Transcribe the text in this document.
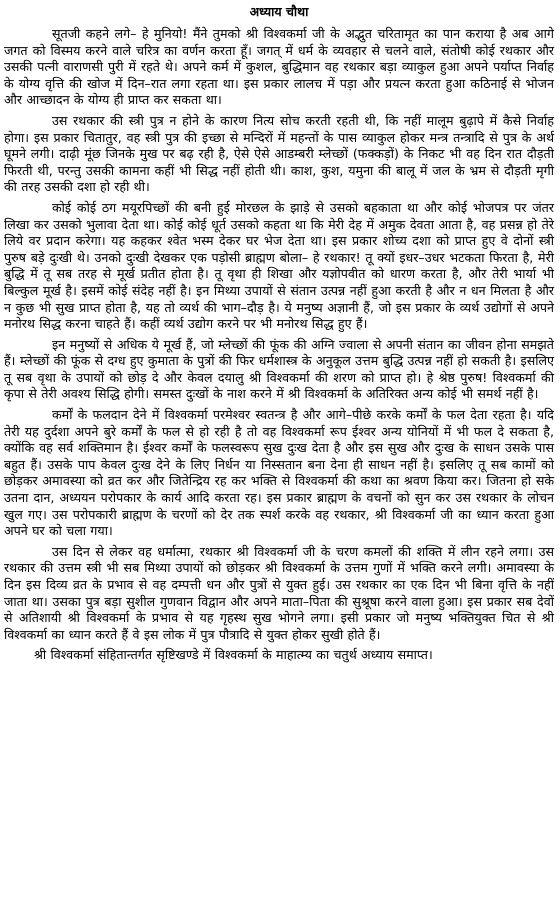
अध्याय चौथा

सूतजी कहने लगे– हे मुनियो! मैंने तुमको श्री विश्वकर्मा जी के अद्भुत चरितामृत का पान कराया है अब आगे जगत को विस्मय करने वाले चरित्र का वर्णन करता हूँ। जगत् में धर्म के व्यवहार से चलने वाले, संतोषी कोई रथकार और उसकी पत्नी वाराणसी पुरी में रहते थे। अपने कर्म में कुशल, बुद्धिमान वह रथकार बड़ा व्याकुल हुआ अपने पर्याप्त निर्वाह के योग्य वृत्ति की खोज में दिन–रात लगा रहता था। इस प्रकार लालच में पड़ा और प्रयत्न करता हुआ कठिनाई से भोजन और आच्छादन के योग्य ही प्राप्त कर सकता था।

उस रथकार की स्त्री पुत्र न होने के कारण नित्य सोच करती रहती थी, कि नहीं मालूम बुढ़ापे में कैसे निर्वाह होगा। इस प्रकार चितातुर, वह स्त्री पुत्र की इच्छा से मन्दिरों में महन्तों के पास व्याकुल होकर मन्त्र तन्त्रादि से पुत्र के अर्थ घूमने लगी। दाढ़ी मूंछ जिनके मुख पर बढ़ रही है, ऐसे ऐसे आडम्बरी म्लेच्छों (फक्कड़ों) के निकट भी वह दिन रात दौड़ती फिरती थी, परन्तु उसकी कामना कहीं भी सिद्ध नहीं होती थी। काश, कुश, यमुना की बालू में जल के भ्रम से दौड़ती मृगी की तरह उसकी दशा हो रही थी।

कोई कोई ठग मयूरपिच्छों की बनी हुई मोरछल के झाड़े से उसको बहकाता था और कोई भोजपत्र पर जंतर लिखा कर उसको भुलावा देता था। कोई कोई धूर्त उसको कहता था कि मेरी देह में अमुक देवता आता है, वह प्रसन्न हो तेरे लिये वर प्रदान करेगा। यह कहकर श्वेत भस्म देकर घर भेज देता था। इस प्रकार शोच्य दशा को प्राप्त हुए वे दोनों स्त्री पुरुष बड़े दुःखी थे। उनको दुःखी देखकर एक पड़ोसी ब्राह्मण बोला– हे रथकार! तू क्यों इधर–उधर भटकता फिरता है, मेरी बुद्धि में तू सब तरह से मूर्ख प्रतीत होता है। तू वृथा ही शिखा और यज्ञोपवीत को धारण करता है, और तेरी भार्या भी बिल्कुल मूर्ख है। इसमें कोई संदेह नहीं है। इन मिथ्या उपायों से संतान उत्पन्न नहीं हुआ करती है और न धन मिलता है और न कुछ भी सुख प्राप्त होता है, यह तो व्यर्थ की भाग–दौड़ है। ये मनुष्य अज्ञानी हैं, जो इस प्रकार के व्यर्थ उद्योगों से अपने मनोरथ सिद्ध करना चाहते हैं। कहीं व्यर्थ उद्योग करने पर भी मनोरथ सिद्ध हुए हैं।

इन मनुष्यों से अधिक ये मूर्ख हैं, जो म्लेच्छों की फूंक की अग्नि ज्वाला से अपनी संतान का जीवन होना समझते हैं। म्लेच्छों की फूंक से दग्ध हुए कुमाता के पुत्रों की फिर धर्मशास्त्र के अनुकूल उत्तम बुद्धि उत्पन्न नहीं हो सकती है। इसलिए तू सब वृथा के उपायों को छोड़ दे और केवल दयालु श्री विश्वकर्मा की शरण को प्राप्त हो। हे श्रेष्ठ पुरुष! विश्वकर्मा की कृपा से तेरी अवश्य सिद्धि होगी। समस्त दुःखों के नाश करने में श्री विश्वकर्मा के अतिरिक्त अन्य कोई भी समर्थ नहीं है।

कर्मों के फलदान देने में विश्वकर्मा परमेश्वर स्वतन्त्र है और आगे–पीछे करके कर्मों के फल देता रहता है। यदि तेरी यह दुर्दशा अपने बुरे कर्मों के फल से हो रही है तो वह विश्वकर्मा रूप ईश्वर अन्य योनियों में भी फल दे सकता है, क्योंकि वह सर्व शक्तिमान है। ईश्वर कर्मों के फलस्वरूप सुख दुःख देता है और इस सुख और दुःख के साधन उसके पास बहुत हैं। उसके पाप केवल दुःख देने के लिए निर्धन या निस्सतान बना देना ही साधन नहीं है। इसलिए तू सब कामों को छोड़कर अमावस्या को व्रत कर और जितेन्द्रिय रह कर भक्ति से विश्वकर्मा की कथा का श्रवण किया कर। जितना हो सके उतना दान, अध्ययन परोपकार के कार्य आदि करता रह। इस प्रकार ब्राह्मण के वचनों को सुन कर उस रथकार के लोचन खुल गए। उस परोपकारी ब्राह्मण के चरणों को देर तक स्पर्श करके वह रथकार, श्री विश्वकर्मा जी का ध्यान करता हुआ अपने घर को चला गया।

उस दिन से लेकर वह धर्मात्मा, रथकार श्री विश्वकर्मा जी के चरण कमलों की शक्ति में लीन रहने लगा। उस रथकार की उत्तम स्त्री भी सब मिथ्या उपायों को छोड़कर श्री विश्वकर्मा के उत्तम गुणों में भक्ति करने लगी। अमावस्या के दिन इस दिव्य व्रत के प्रभाव से वह दम्पत्ती धन और पुत्रों से युक्त हुई। उस रथकार का एक दिन भी बिना वृत्ति के नहीं जाता था। उसका पुत्र बड़ा सुशील गुणवान विद्वान और अपने माता–पिता की सुश्रूषा करने वाला हुआ। इस प्रकार सब देवों से अतिशायी श्री विश्वकर्मा के प्रभाव से यह गृहस्थ सुख भोगने लगा। इसी प्रकार जो मनुष्य भक्तियुक्त चित से श्री विश्वकर्मा का ध्यान करते हैं वे इस लोक में पुत्र पौत्रादि से युक्त होकर सुखी होते हैं।

श्री विश्वकर्मा संहितान्तर्गत सृष्टिखण्डे में विश्वकर्मा के माहात्म्य का चतुर्थ अध्याय समाप्त।
